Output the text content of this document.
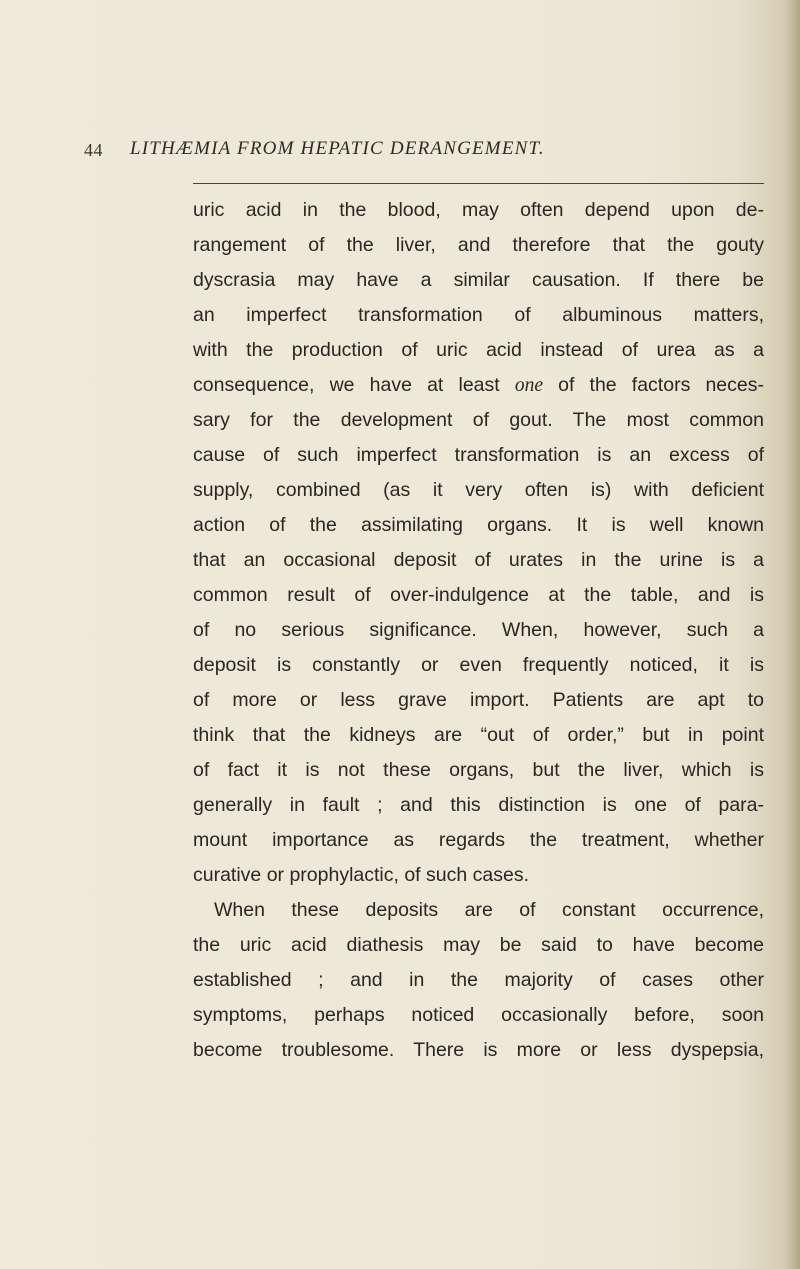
44 LITHÆMIA FROM HEPATIC DERANGEMENT.
uric acid in the blood, may often depend upon de-
rangement of the liver, and therefore that the gouty
dyscrasia may have a similar causation. If there be
an imperfect transformation of albuminous matters,
with the production of uric acid instead of urea as a
consequence, we have at least one of the factors neces-
sary for the development of gout. The most common
cause of such imperfect transformation is an excess of
supply, combined (as it very often is) with deficient
action of the assimilating organs. It is well known
that an occasional deposit of urates in the urine is a
common result of over-indulgence at the table, and is
of no serious significance. When, however, such a
deposit is constantly or even frequently noticed, it is
of more or less grave import. Patients are apt to
think that the kidneys are “out of order,” but in point
of fact it is not these organs, but the liver, which is
generally in fault ; and this distinction is one of para-
mount importance as regards the treatment, whether
curative or prophylactic, of such cases.
When these deposits are of constant occurrence,
the uric acid diathesis may be said to have become
established ; and in the majority of cases other
symptoms, perhaps noticed occasionally before, soon
become troublesome. There is more or less dyspepsia,
